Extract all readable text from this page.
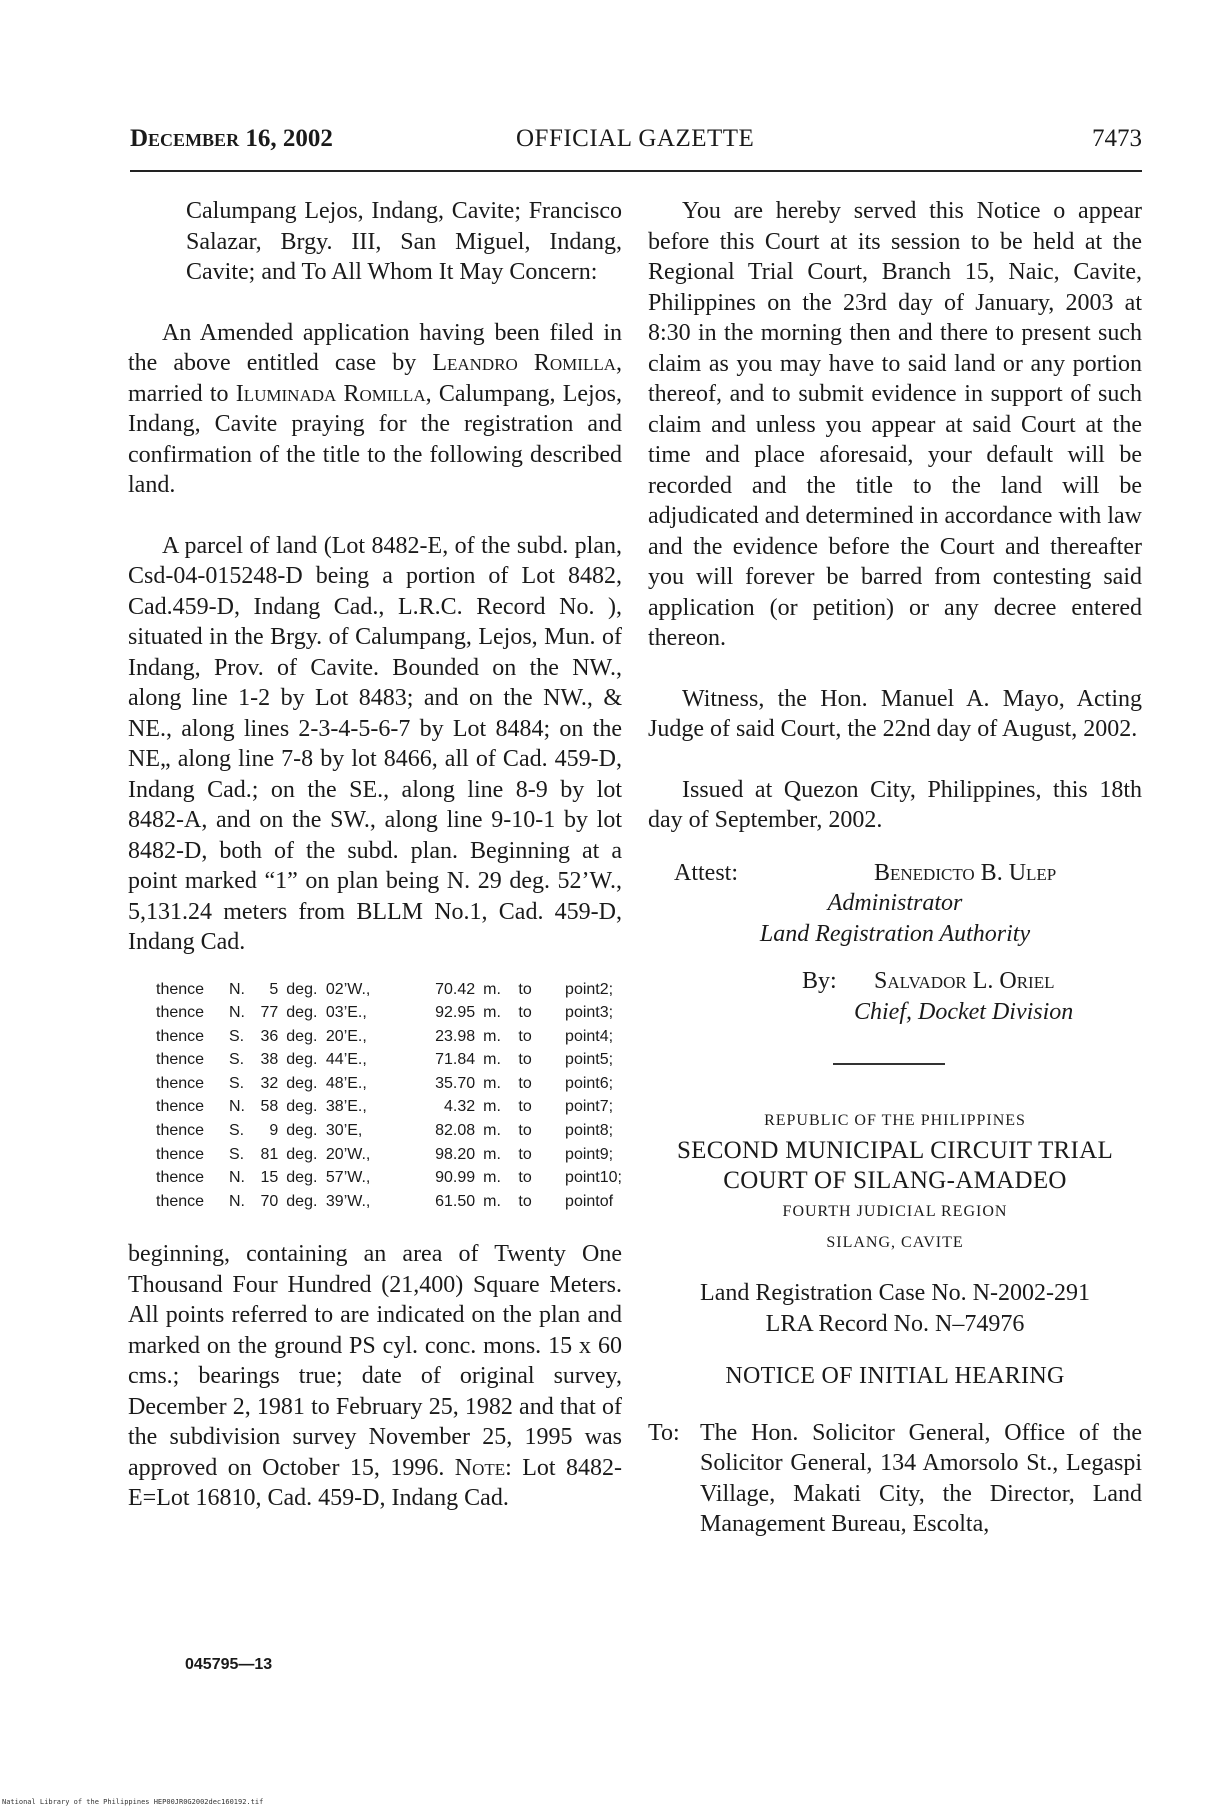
December 16, 2002	OFFICIAL GAZETTE	7473

Calumpang Lejos, Indang, Cavite; Francisco Salazar, Brgy. III, San Miguel, Indang, Cavite; and To All Whom It May Concern:

An Amended application having been filed in the above entitled case by Leandro Romilla, married to Iluminada Romilla, Calumpang, Lejos, Indang, Cavite praying for the registration and confirmation of the title to the following described land.

A parcel of land (Lot 8482-E, of the subd. plan, Csd-04-015248-D being a portion of Lot 8482, Cad.459-D, Indang Cad., L.R.C. Record No. ), situated in the Brgy. of Calumpang, Lejos, Mun. of Indang, Prov. of Cavite. Bounded on the NW., along line 1-2 by Lot 8483; and on the NW., & NE., along lines 2-3-4-5-6-7 by Lot 8484; on the NE„ along line 7-8 by lot 8466, all of Cad. 459-D, Indang Cad.; on the SE., along line 8-9 by lot 8482-A, and on the SW., along line 9-10-1 by lot 8482-D, both of the subd. plan. Beginning at a point marked “1” on plan being N. 29 deg. 52’W., 5,131.24 meters from BLLM No.1, Cad. 459-D, Indang Cad.

thence	N.	5	deg.	02’W.,	70.42	m.	to	point	2;
thence	N.	77	deg.	03’E.,	92.95	m.	to	point	3;
thence	S.	36	deg.	20’E.,	23.98	m.	to	point	4;
thence	S.	38	deg.	44’E.,	71.84	m.	to	point	5;
thence	S.	32	deg.	48’E.,	35.70	m.	to	point	6;
thence	N.	58	deg.	38’E.,	4.32	m.	to	point	7;
thence	S.	9	deg.	30’E,	82.08	m.	to	point	8;
thence	S.	81	deg.	20’W.,	98.20	m.	to	point	9;
thence	N.	15	deg.	57’W.,	90.99	m.	to	point	10;
thence	N.	70	deg.	39’W.,	61.50	m.	to	point	of

beginning, containing an area of Twenty One Thousand Four Hundred (21,400) Square Meters. All points referred to are indicated on the plan and marked on the ground PS cyl. conc. mons. 15 x 60 cms.; bearings true; date of original survey, December 2, 1981 to February 25, 1982 and that of the subdivision survey November 25, 1995 was approved on October 15, 1996. Note: Lot 8482-E=Lot 16810, Cad. 459-D, Indang Cad.

045795—13

You are hereby served this Notice o appear before this Court at its session to be held at the Regional Trial Court, Branch 15, Naic, Cavite, Philippines on the 23rd day of January, 2003 at 8:30 in the morning then and there to present such claim as you may have to said land or any portion thereof, and to submit evidence in support of such claim and unless you appear at said Court at the time and place aforesaid, your default will be recorded and the title to the land will be adjudicated and determined in accordance with law and the evidence before the Court and thereafter you will forever be barred from contesting said application (or petition) or any decree entered thereon.

Witness, the Hon. Manuel A. Mayo, Acting Judge of said Court, the 22nd day of August, 2002.

Issued at Quezon City, Philippines, this 18th day of September, 2002.

Attest:	Benedicto B. Ulep

Administrator

Land Registration Authority

By: Salvador L. Oriel

Chief, Docket Division

REPUBLIC OF THE PHILIPPINES

SECOND MUNICIPAL CIRCUIT TRIAL

COURT OF SILANG-AMADEO

FOURTH JUDICIAL REGION

SILANG, CAVITE

Land Registration Case No. N-2002-291

LRA Record No. N–74976

NOTICE OF INITIAL HEARING

To: The Hon. Solicitor General, Office of the Solicitor General, 134 Amorsolo St., Legaspi Village, Makati City, the Director, Land Management Bureau, Escolta,

National Library of the Philippines HEP00JR0G2002dec160192.tif
